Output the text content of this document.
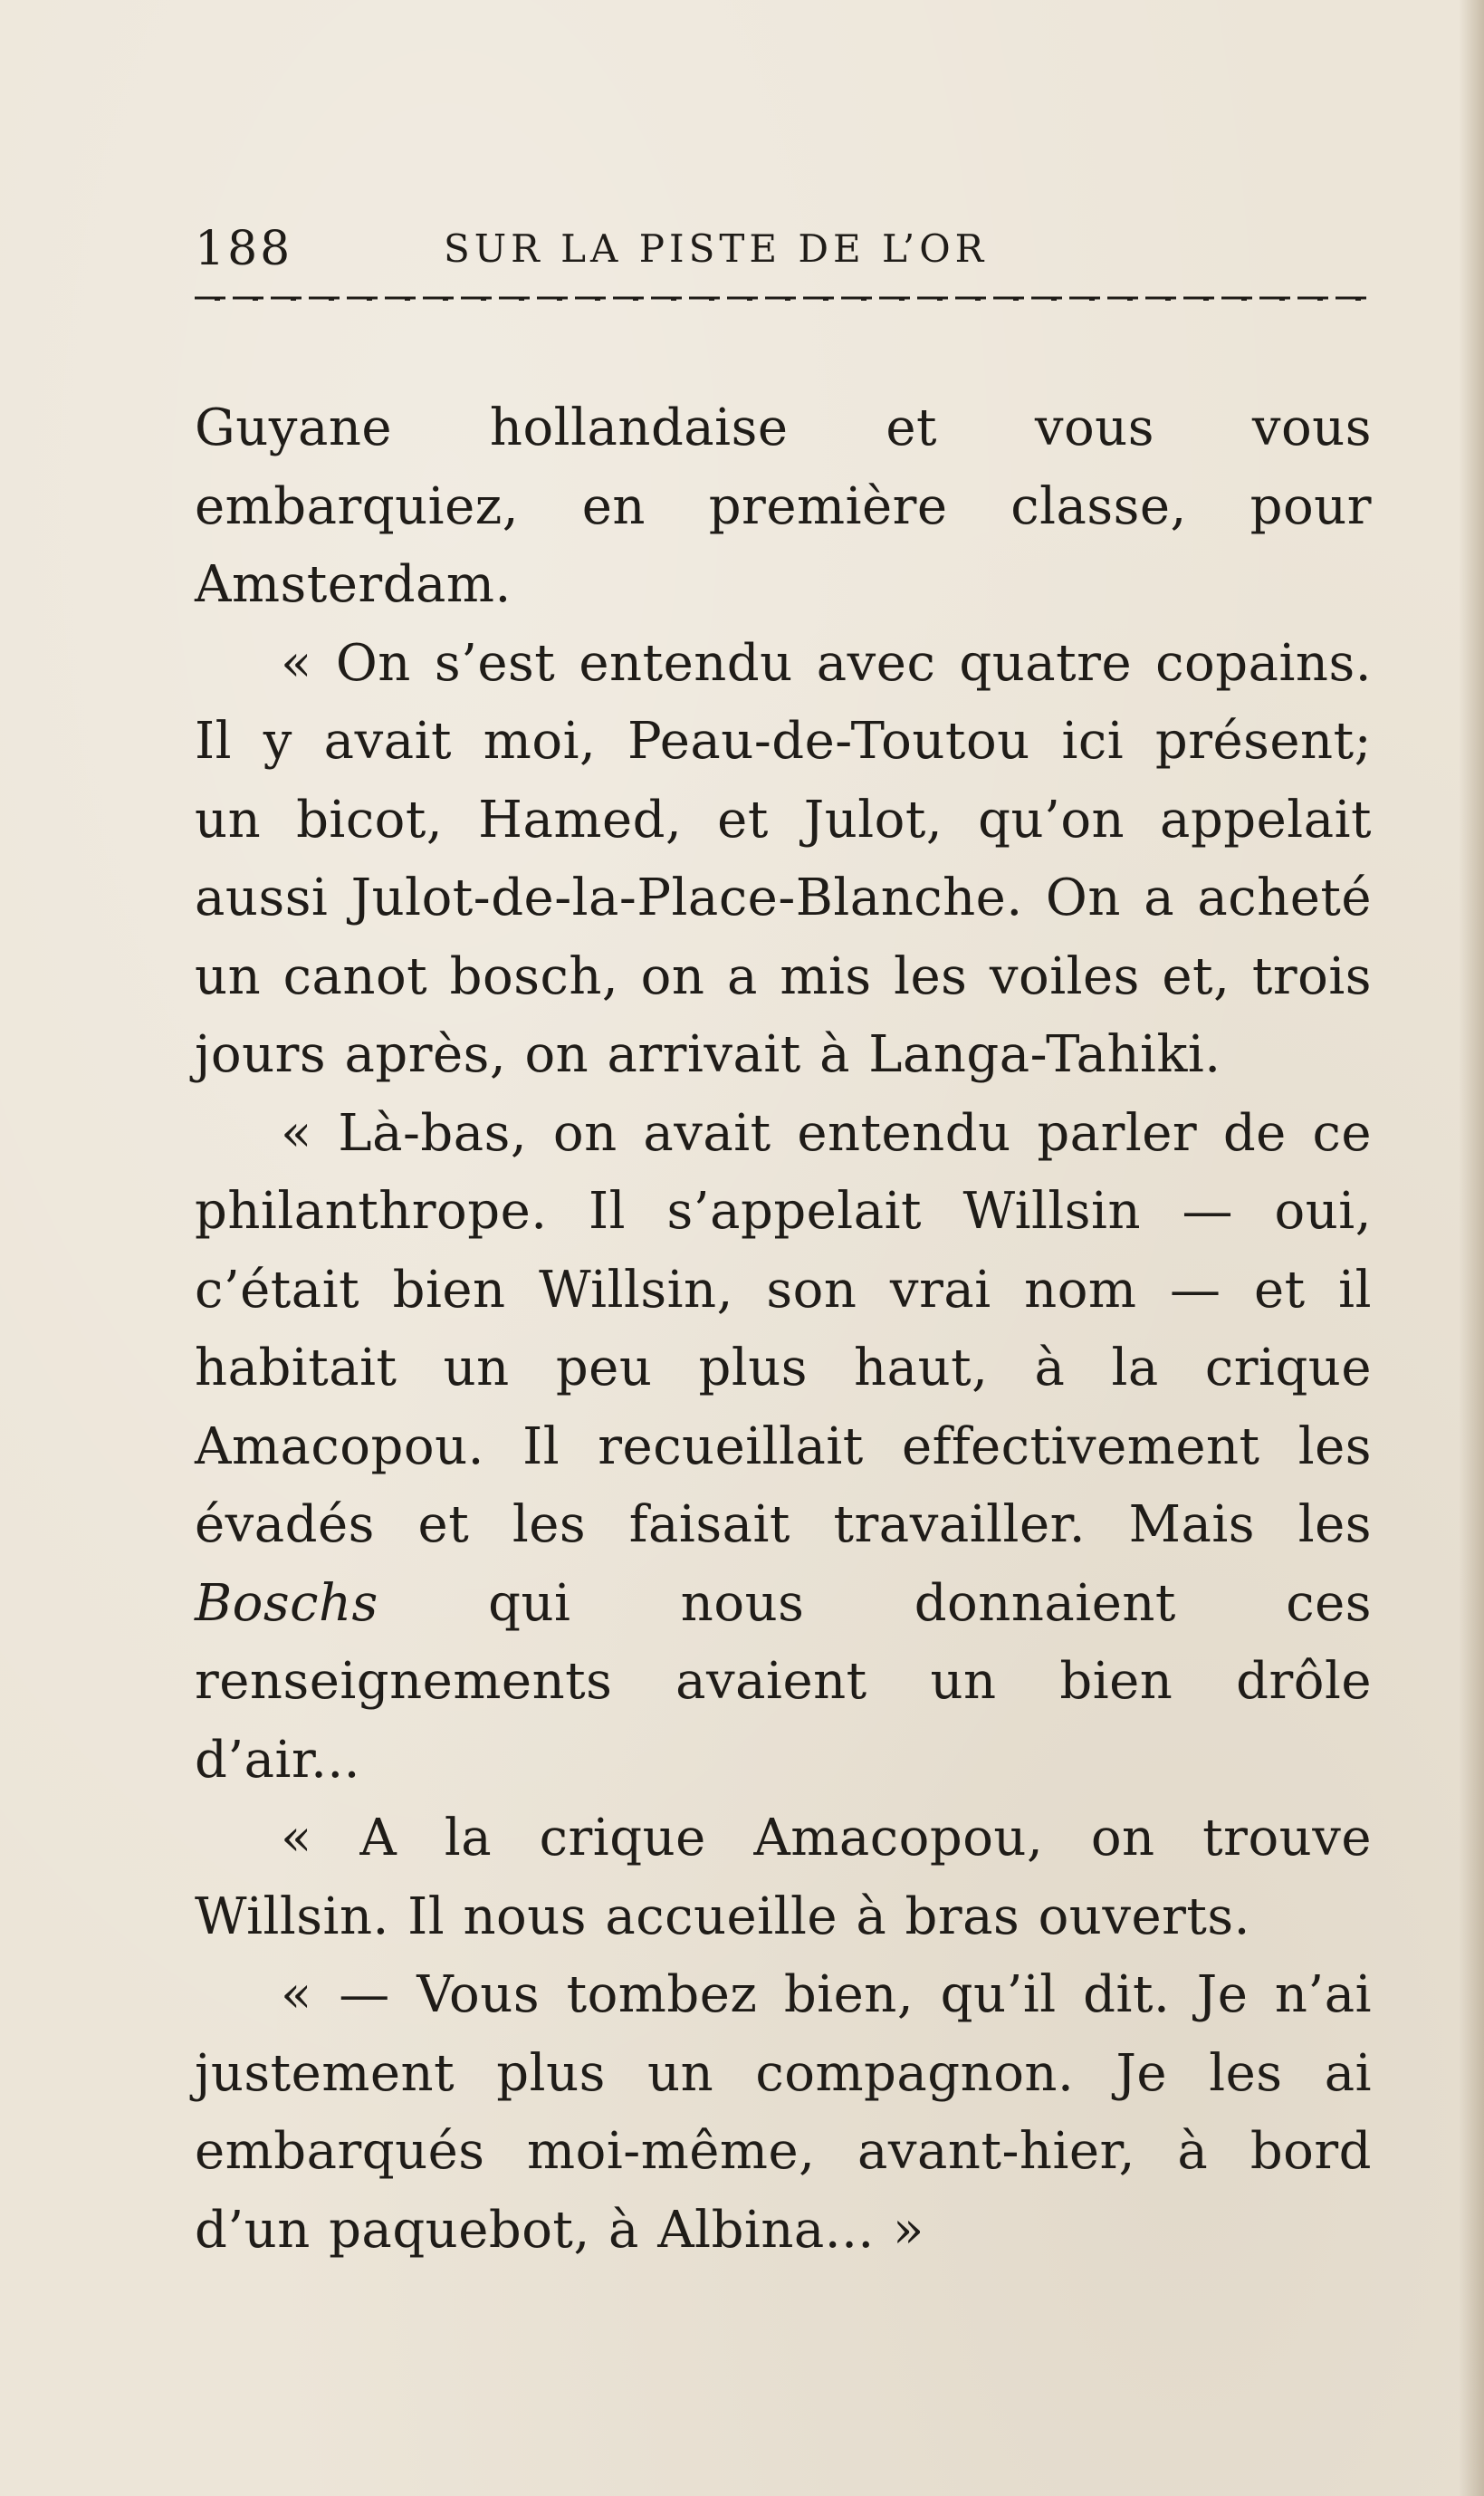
188	SUR LA PISTE DE L’OR

Guyane hollandaise et vous vous embarquiez, en première classe, pour Amsterdam.

« On s’est entendu avec quatre copains. Il y avait moi, Peau-de-Toutou ici présent; un bicot, Hamed, et Julot, qu’on appelait aussi Julot-de-la-Place-Blanche. On a acheté un canot bosch, on a mis les voiles et, trois jours après, on arrivait à Langa-Tahiki.

« Là-bas, on avait entendu parler de ce philanthrope. Il s’appelait Willsin — oui, c’était bien Willsin, son vrai nom — et il habitait un peu plus haut, à la crique Amacopou. Il recueillait effectivement les évadés et les faisait travailler. Mais les Boschs qui nous donnaient ces renseignements avaient un bien drôle d’air...

« A la crique Amacopou, on trouve Willsin. Il nous accueille à bras ouverts.

« — Vous tombez bien, qu’il dit. Je n’ai justement plus un compagnon. Je les ai embarqués moi-même, avant-hier, à bord d’un paquebot, à Albina... »
